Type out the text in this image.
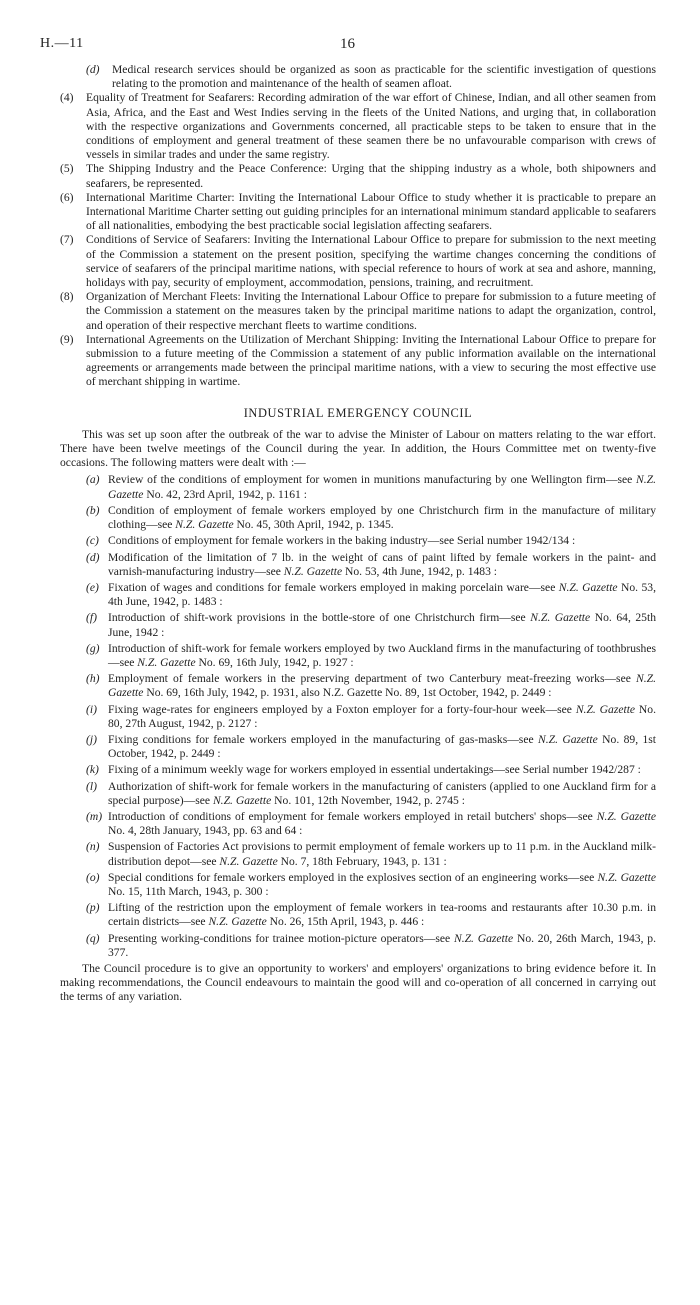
H.—11	16
(d)	Medical research services should be organized as soon as practicable for the scientific investigation of questions relating to the promotion and maintenance of the health of seamen afloat.
(4)	Equality of Treatment for Seafarers: Recording admiration of the war effort of Chinese, Indian, and all other seamen from Asia, Africa, and the East and West Indies serving in the fleets of the United Nations, and urging that, in collaboration with the respective organizations and Governments concerned, all practicable steps to be taken to ensure that in the conditions of employment and general treatment of these seamen there be no unfavourable comparison with crews of vessels in similar trades and under the same registry.
(5)	The Shipping Industry and the Peace Conference: Urging that the shipping industry as a whole, both shipowners and seafarers, be represented.
(6)	International Maritime Charter: Inviting the International Labour Office to study whether it is practicable to prepare an International Maritime Charter setting out guiding principles for an international minimum standard applicable to seafarers of all nationalities, embodying the best practicable social legislation affecting seafarers.
(7)	Conditions of Service of Seafarers: Inviting the International Labour Office to prepare for submission to the next meeting of the Commission a statement on the present position, specifying the wartime changes concerning the conditions of service of seafarers of the principal maritime nations, with special reference to hours of work at sea and ashore, manning, holidays with pay, security of employment, accommodation, pensions, training, and recruitment.
(8)	Organization of Merchant Fleets: Inviting the International Labour Office to prepare for submission to a future meeting of the Commission a statement on the measures taken by the principal maritime nations to adapt the organization, control, and operation of their respective merchant fleets to wartime conditions.
(9)	International Agreements on the Utilization of Merchant Shipping: Inviting the International Labour Office to prepare for submission to a future meeting of the Commission a statement of any public information available on the international agreements or arrangements made between the principal maritime nations, with a view to securing the most effective use of merchant shipping in wartime.
INDUSTRIAL EMERGENCY COUNCIL

This was set up soon after the outbreak of the war to advise the Minister of Labour on matters relating to the war effort. There have been twelve meetings of the Council during the year. In addition, the Hours Committee met on twenty-five occasions. The following matters were dealt with :—

(a) Review of the conditions of employment for women in munitions manufacturing by one Wellington firm—see N.Z. Gazette No. 42, 23rd April, 1942, p. 1161 :
(b) Condition of employment of female workers employed by one Christchurch firm in the manufacture of military clothing—see N.Z. Gazette No. 45, 30th April, 1942, p. 1345.
(c) Conditions of employment for female workers in the baking industry—see Serial number 1942/134 :
(d) Modification of the limitation of 7 lb. in the weight of cans of paint lifted by female workers in the paint- and varnish-manufacturing industry—see N.Z. Gazette No. 53, 4th June, 1942, p. 1483 :
(e) Fixation of wages and conditions for female workers employed in making porcelain ware—see N.Z. Gazette No. 53, 4th June, 1942, p. 1483 :
(f) Introduction of shift-work provisions in the bottle-store of one Christchurch firm—see N.Z. Gazette No. 64, 25th June, 1942 :
(g) Introduction of shift-work for female workers employed by two Auckland firms in the manufacturing of toothbrushes—see N.Z. Gazette No. 69, 16th July, 1942, p. 1927 :
(h) Employment of female workers in the preserving department of two Canterbury meat-freezing works—see N.Z. Gazette No. 69, 16th July, 1942, p. 1931, also N.Z. Gazette No. 89, 1st October, 1942, p. 2449 :
(i) Fixing wage-rates for engineers employed by a Foxton employer for a forty-four-hour week—see N.Z. Gazette No. 80, 27th August, 1942, p. 2127 :
(j) Fixing conditions for female workers employed in the manufacturing of gas-masks—see N.Z. Gazette No. 89, 1st October, 1942, p. 2449 :
(k) Fixing of a minimum weekly wage for workers employed in essential undertakings—see Serial number 1942/287 :
(l) Authorization of shift-work for female workers in the manufacturing of canisters (applied to one Auckland firm for a special purpose)—see N.Z. Gazette No. 101, 12th November, 1942, p. 2745 :
(m) Introduction of conditions of employment for female workers employed in retail butchers' shops—see N.Z. Gazette No. 4, 28th January, 1943, pp. 63 and 64 :
(n) Suspension of Factories Act provisions to permit employment of female workers up to 11 p.m. in the Auckland milk-distribution depot—see N.Z. Gazette No. 7, 18th February, 1943, p. 131 :
(o) Special conditions for female workers employed in the explosives section of an engineering works—see N.Z. Gazette No. 15, 11th March, 1943, p. 300 :
(p) Lifting of the restriction upon the employment of female workers in tea-rooms and restaurants after 10.30 p.m. in certain districts—see N.Z. Gazette No. 26, 15th April, 1943, p. 446 :
(q) Presenting working-conditions for trainee motion-picture operators—see N.Z. Gazette No. 20, 26th March, 1943, p. 377.

The Council procedure is to give an opportunity to workers' and employers' organizations to bring evidence before it. In making recommendations, the Council endeavours to maintain the good will and co-operation of all concerned in carrying out the terms of any variation.
